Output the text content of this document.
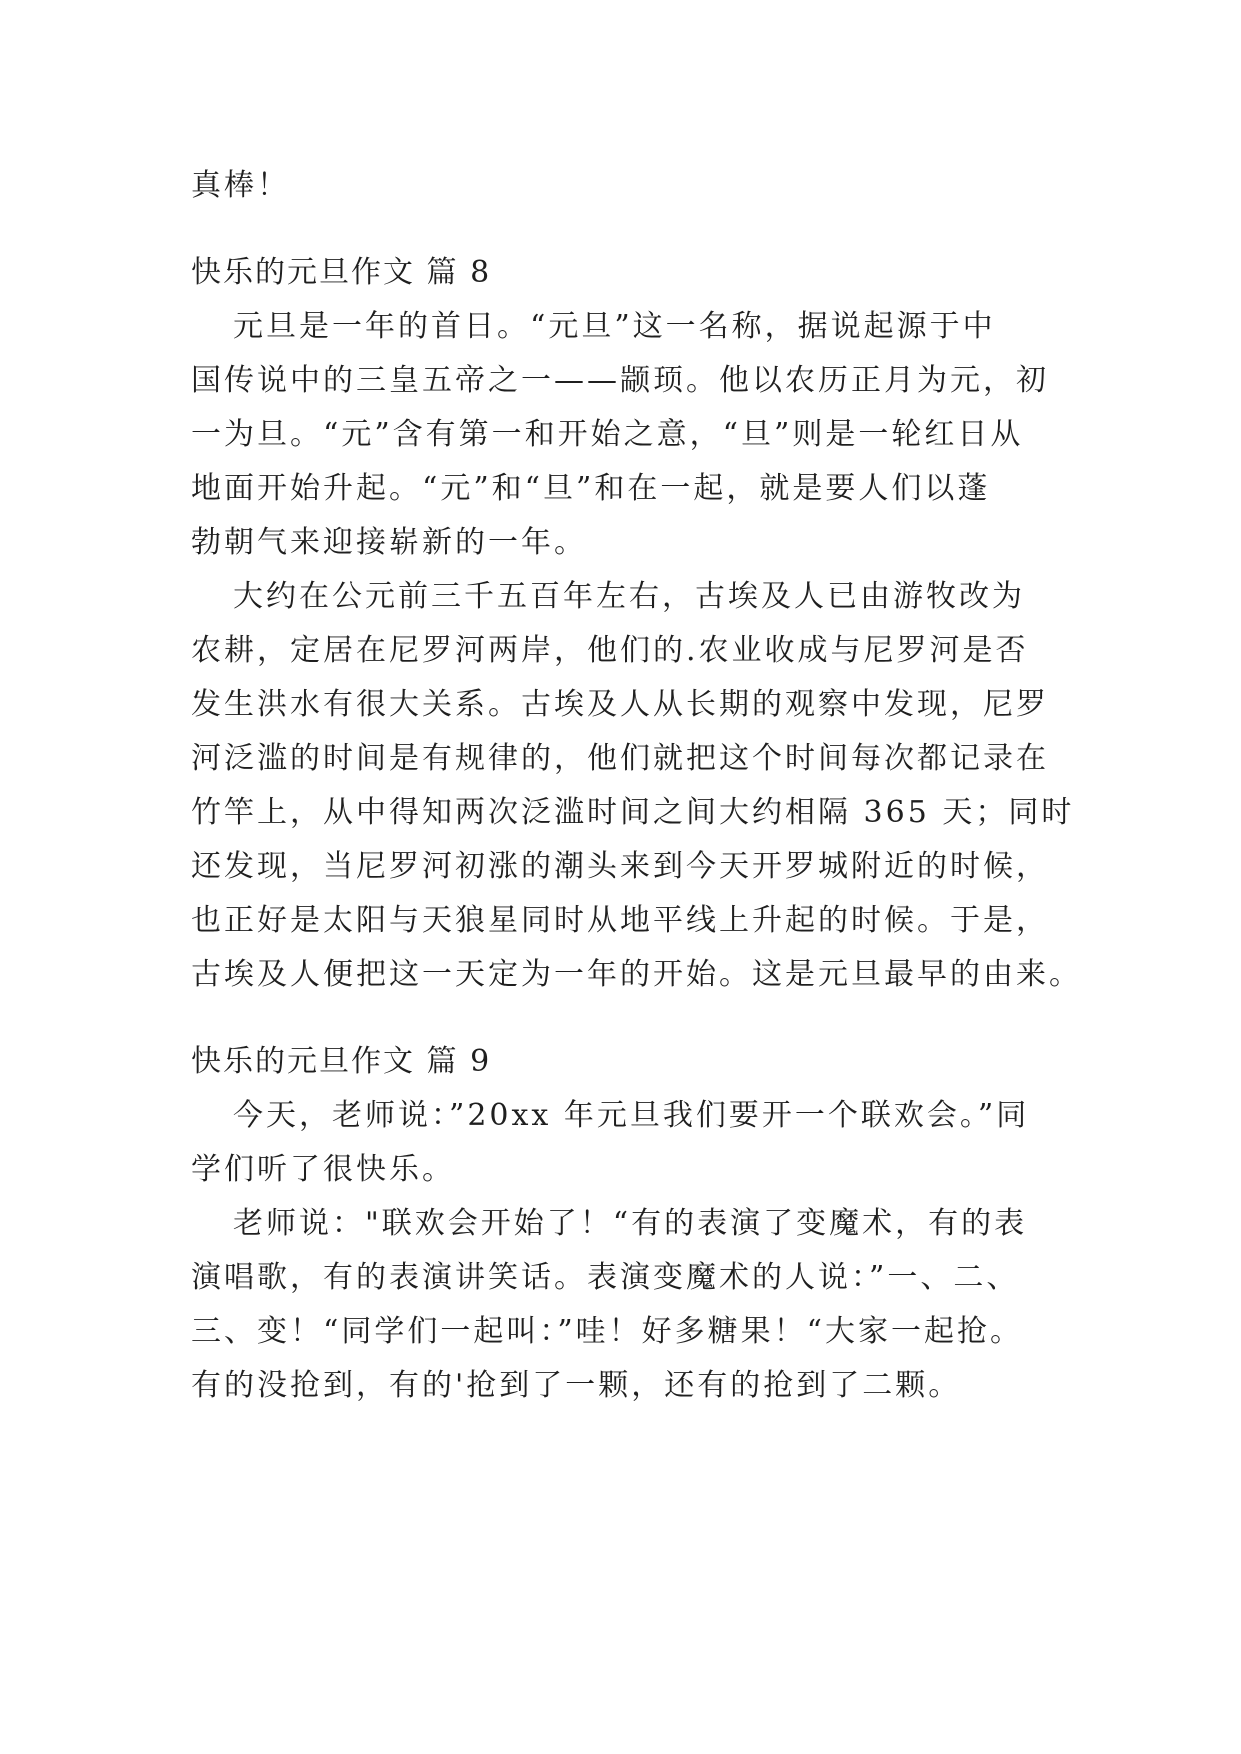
真棒！
快乐的元旦作文 篇 8
元旦是一年的首日。“元旦”这一名称，据说起源于中
国传说中的三皇五帝之一——颛顼。他以农历正月为元，初
一为旦。“元”含有第一和开始之意，“旦”则是一轮红日从
地面开始升起。“元”和“旦”和在一起，就是要人们以蓬
勃朝气来迎接崭新的一年。
大约在公元前三千五百年左右，古埃及人已由游牧改为
农耕，定居在尼罗河两岸，他们的.农业收成与尼罗河是否
发生洪水有很大关系。古埃及人从长期的观察中发现，尼罗
河泛滥的时间是有规律的，他们就把这个时间每次都记录在
竹竿上，从中得知两次泛滥时间之间大约相隔 365 天；同时
还发现，当尼罗河初涨的潮头来到今天开罗城附近的时候，
也正好是太阳与天狼星同时从地平线上升起的时候。于是，
古埃及人便把这一天定为一年的开始。这是元旦最早的由来。
快乐的元旦作文 篇 9
今天，老师说：”20xx 年元旦我们要开一个联欢会。”同
学们听了很快乐。
老师说："联欢会开始了！“有的表演了变魔术，有的表
演唱歌，有的表演讲笑话。表演变魔术的人说：”一、二、
三、变！“同学们一起叫：”哇！好多糖果！“大家一起抢。
有的没抢到，有的'抢到了一颗，还有的抢到了二颗。
